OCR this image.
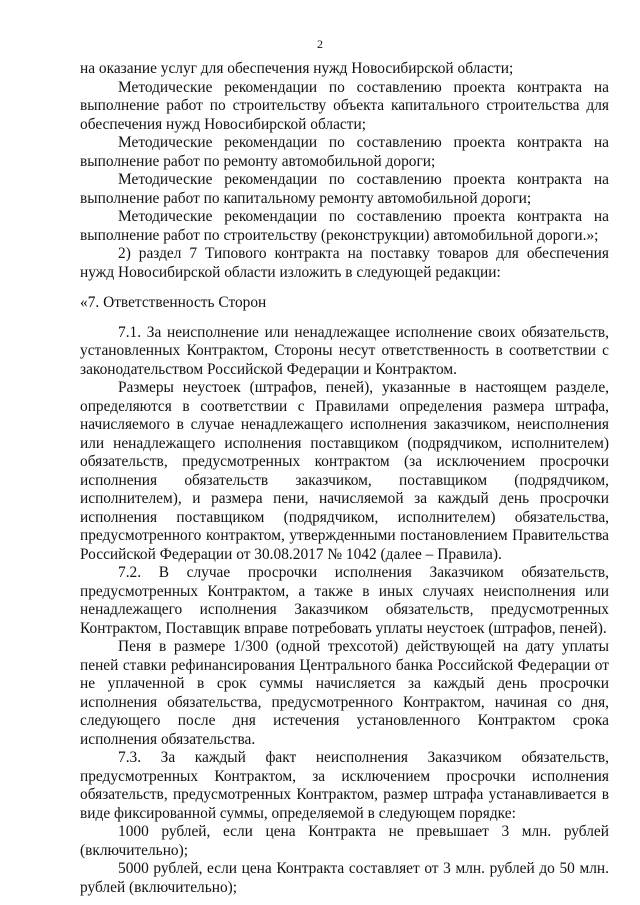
2

на оказание услуг для обеспечения нужд Новосибирской области;

Методические рекомендации по составлению проекта контракта на выполнение работ по строительству объекта капитального строительства для обеспечения нужд Новосибирской области;

Методические рекомендации по составлению проекта контракта на выполнение работ по ремонту автомобильной дороги;

Методические рекомендации по составлению проекта контракта на выполнение работ по капитальному ремонту автомобильной дороги;

Методические рекомендации по составлению проекта контракта на выполнение работ по строительству (реконструкции) автомобильной дороги.»;

2) раздел 7 Типового контракта на поставку товаров для обеспечения нужд Новосибирской области изложить в следующей редакции:

«7. Ответственность Сторон

7.1. За неисполнение или ненадлежащее исполнение своих обязательств, установленных Контрактом, Стороны несут ответственность в соответствии с законодательством Российской Федерации и Контрактом.

Размеры неустоек (штрафов, пеней), указанные в настоящем разделе, определяются в соответствии с Правилами определения размера штрафа, начисляемого в случае ненадлежащего исполнения заказчиком, неисполнения или ненадлежащего исполнения поставщиком (подрядчиком, исполнителем) обязательств, предусмотренных контрактом (за исключением просрочки исполнения обязательств заказчиком, поставщиком (подрядчиком, исполнителем), и размера пени, начисляемой за каждый день просрочки исполнения поставщиком (подрядчиком, исполнителем) обязательства, предусмотренного контрактом, утвержденными постановлением Правительства Российской Федерации от 30.08.2017 № 1042 (далее – Правила).

7.2. В случае просрочки исполнения Заказчиком обязательств, предусмотренных Контрактом, а также в иных случаях неисполнения или ненадлежащего исполнения Заказчиком обязательств, предусмотренных Контрактом, Поставщик вправе потребовать уплаты неустоек (штрафов, пеней).

Пеня в размере 1/300 (одной трехсотой) действующей на дату уплаты пеней ставки рефинансирования Центрального банка Российской Федерации от не уплаченной в срок суммы начисляется за каждый день просрочки исполнения обязательства, предусмотренного Контрактом, начиная со дня, следующего после дня истечения установленного Контрактом срока исполнения обязательства.

7.3. За каждый факт неисполнения Заказчиком обязательств, предусмотренных Контрактом, за исключением просрочки исполнения обязательств, предусмотренных Контрактом, размер штрафа устанавливается в виде фиксированной суммы, определяемой в следующем порядке:

1000 рублей, если цена Контракта не превышает 3 млн. рублей (включительно);

5000 рублей, если цена Контракта составляет от 3 млн. рублей до 50 млн. рублей (включительно);
